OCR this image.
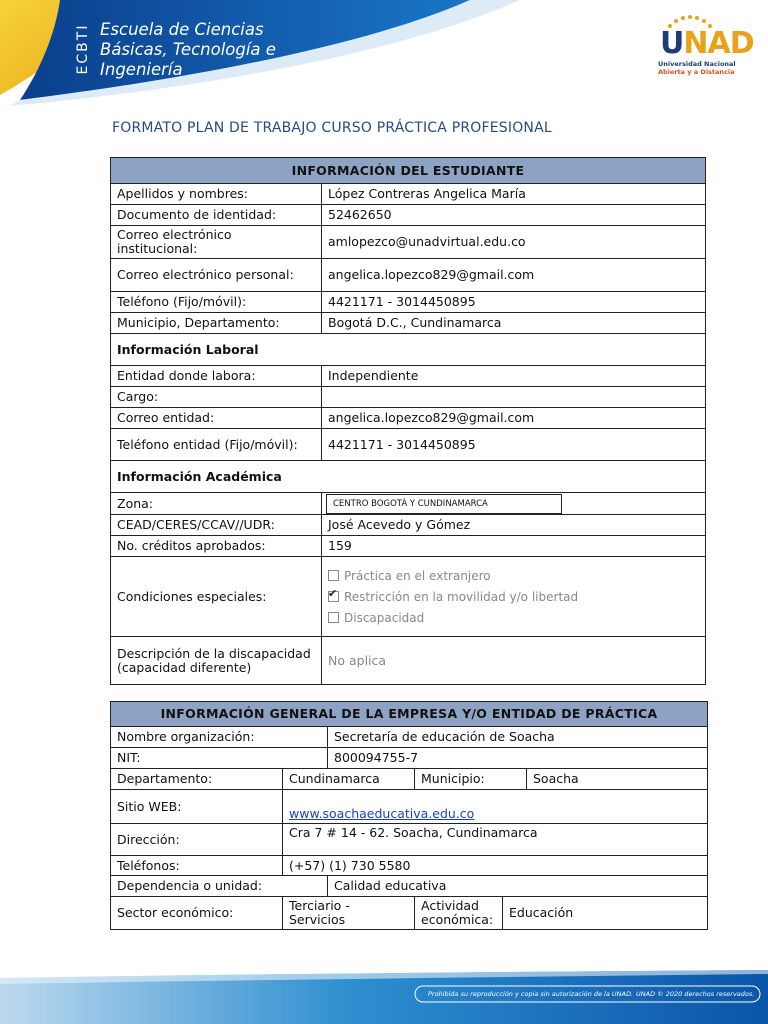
ECBTI Escuela de Ciencias
Básicas, Tecnología e
Ingeniería
UNAD
Universidad Nacional
Abierta y a Distancia
FORMATO PLAN DE TRABAJO CURSO PRÁCTICA PROFESIONAL
INFORMACIÓN DEL ESTUDIANTE	
Apellidos y nombres:	López Contreras Angelica María
Documento de identidad:	52462650
Correo electrónico institucional:	amlopezco@unadvirtual.edu.co
Correo electrónico personal:	angelica.lopezco829@gmail.com
Teléfono (Fijo/móvil):	4421171 - 3014450895
Municipio, Departamento:	Bogotá D.C., Cundinamarca
Información Laboral	
Entidad donde labora:	Independiente
Cargo:	
Correo entidad:	angelica.lopezco829@gmail.com
Teléfono entidad (Fijo/móvil):	4421171 - 3014450895
Información Académica	
Zona:	CENTRO BOGOTÁ Y CUNDINAMARCA
CEAD/CERES/CCAV//UDR:	José Acevedo y Gómez
No. créditos aprobados:	159
Condiciones especiales:	Práctica en el extranjero
✔
Restricción en la movilidad y/o libertad
Discapacidad

Descripción de la discapacidad (capacidad diferente)	No aplica
INFORMACIÓN GENERAL DE LA EMPRESA Y/O ENTIDAD DE PRÁCTICA					
Nombre organización:		Secretaría de educación de Soacha			
NIT:		800094755-7			
Departamento:	Cundinamarca		Municipio:		Soacha
Sitio WEB:	www.soachaeducativa.edu.co				
Dirección:	Cra 7 # 14 - 62. Soacha, Cundinamarca				
Teléfonos:	(+57) (1) 730 5580				
Dependencia o unidad:		Calidad educativa			
Sector económico:	Terciario - Servicios		Actividad económica:	Educación	
Prohibida su reproducción y copia sin autorización de la UNAD. UNAD © 2020 derechos reservados.
